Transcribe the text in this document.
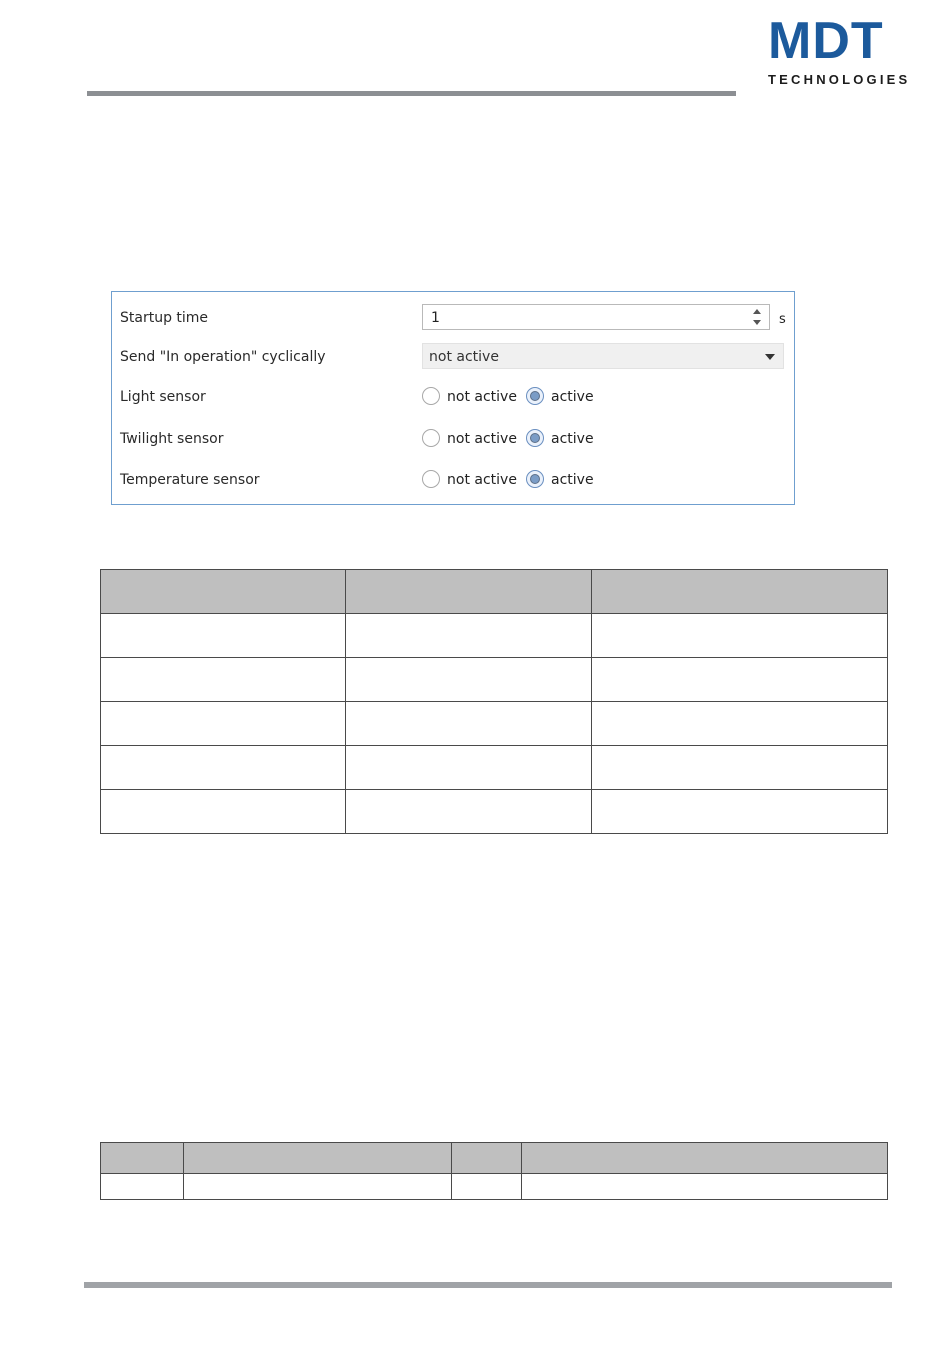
MDT
TECHNOLOGIES
Startup time	1	s
Send "In operation" cyclically	not active
Light sensor	not active active
Twilight sensor	not active active
Temperature sensor	not active active
